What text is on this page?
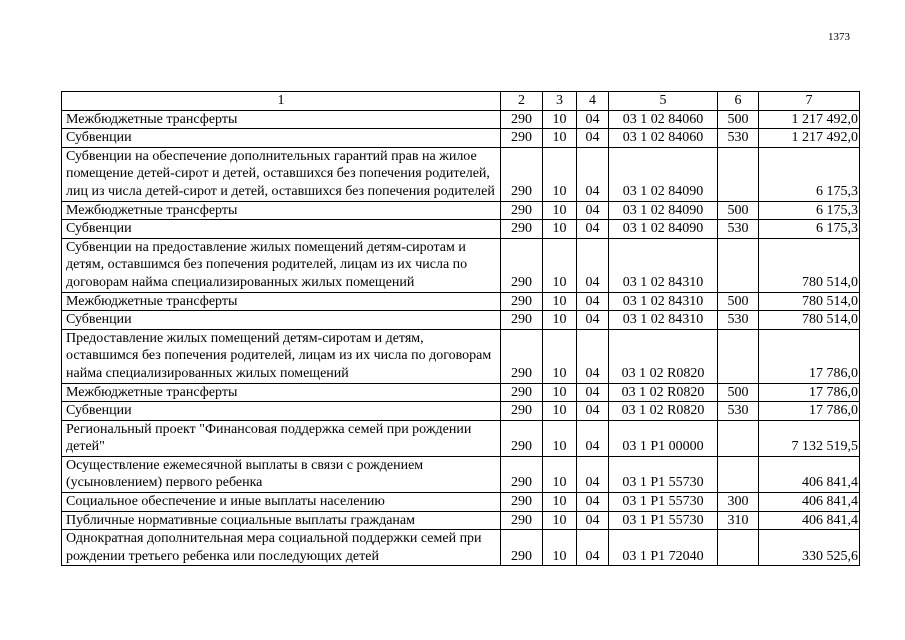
1373
1	2	3	4	5	6	7
Межбюджетные трансферты	290	10	04	03 1 02 84060	500	1 217 492,0
Субвенции	290	10	04	03 1 02 84060	530	1 217 492,0
Субвенции на обеспечение дополнительных гарантий прав на жилое помещение детей-сирот и детей, оставшихся без попечения родителей, лиц из числа детей-сирот и детей, оставшихся без попечения родителей	290	10	04	03 1 02 84090		6 175,3
Межбюджетные трансферты	290	10	04	03 1 02 84090	500	6 175,3
Субвенции	290	10	04	03 1 02 84090	530	6 175,3
Субвенции на предоставление жилых помещений детям-сиротам и детям, оставшимся без попечения родителей, лицам из их числа по договорам найма специализированных жилых помещений	290	10	04	03 1 02 84310		780 514,0
Межбюджетные трансферты	290	10	04	03 1 02 84310	500	780 514,0
Субвенции	290	10	04	03 1 02 84310	530	780 514,0
Предоставление жилых помещений детям-сиротам и детям, оставшимся без попечения родителей, лицам из их числа по договорам найма специализированных жилых помещений	290	10	04	03 1 02 R0820		17 786,0
Межбюджетные трансферты	290	10	04	03 1 02 R0820	500	17 786,0
Субвенции	290	10	04	03 1 02 R0820	530	17 786,0
Региональный проект "Финансовая поддержка семей при рождении детей"	290	10	04	03 1 P1 00000		7 132 519,5
Осуществление ежемесячной выплаты в связи с рождением (усыновлением) первого ребенка	290	10	04	03 1 P1 55730		406 841,4
Социальное обеспечение и иные выплаты населению	290	10	04	03 1 P1 55730	300	406 841,4
Публичные нормативные социальные выплаты гражданам	290	10	04	03 1 P1 55730	310	406 841,4
Однократная дополнительная мера социальной поддержки семей при рождении третьего ребенка или последующих детей	290	10	04	03 1 P1 72040		330 525,6
